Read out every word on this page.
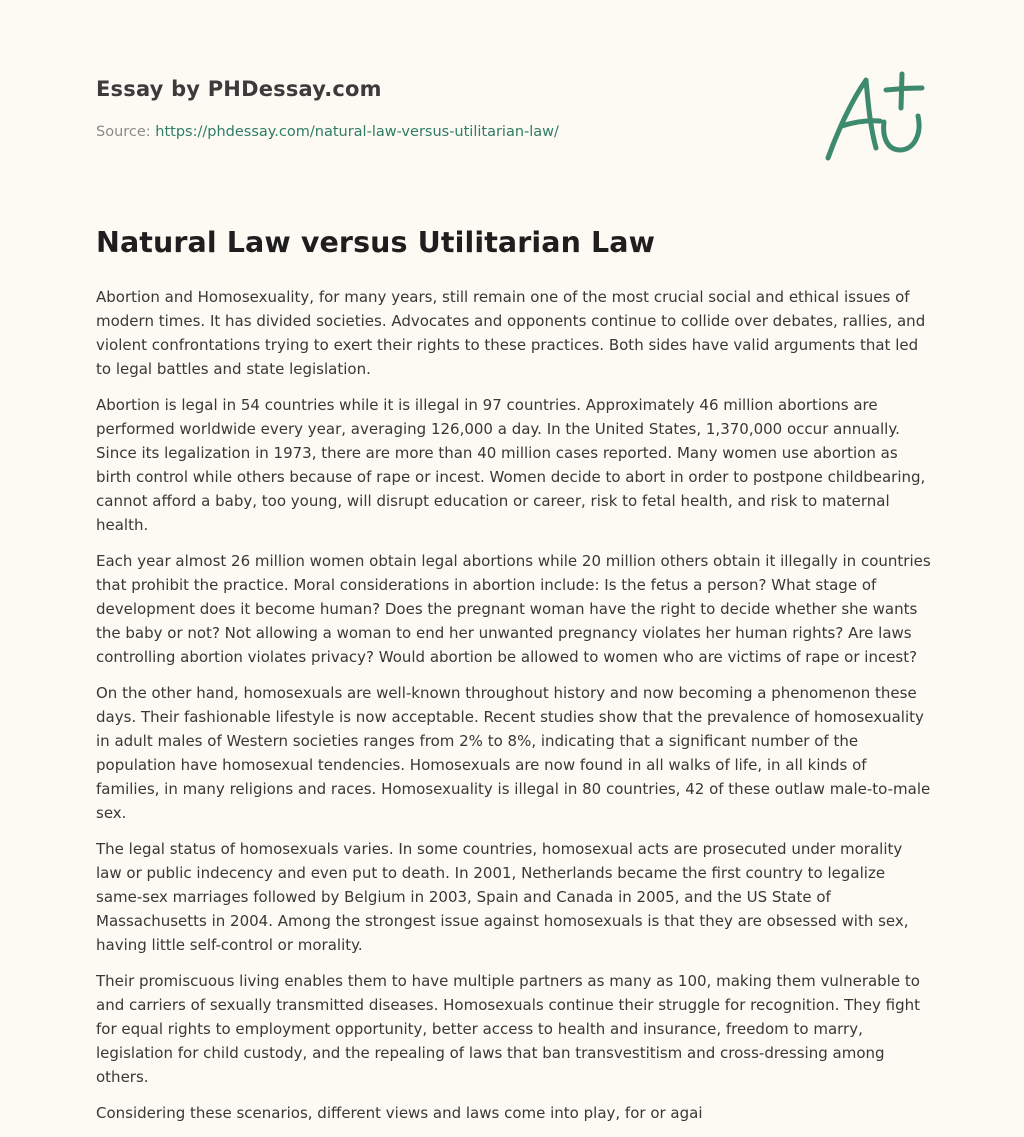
Essay by PHDessay.com
Source: https://phdessay.com/natural-law-versus-utilitarian-law/
Natural Law versus Utilitarian Law

Abortion and Homosexuality, for many years, still remain one of the most crucial social and ethical issues of modern times. It has divided societies. Advocates and opponents continue to collide over debates, rallies, and violent confrontations trying to exert their rights to these practices. Both sides have valid arguments that led to legal battles and state legislation.

Abortion is legal in 54 countries while it is illegal in 97 countries. Approximately 46 million abortions are performed worldwide every year, averaging 126,000 a day. In the United States, 1,370,000 occur annually. Since its legalization in 1973, there are more than 40 million cases reported. Many women use abortion as birth control while others because of rape or incest. Women decide to abort in order to postpone childbearing, cannot afford a baby, too young, will disrupt education or career, risk to fetal health, and risk to maternal health.

Each year almost 26 million women obtain legal abortions while 20 million others obtain it illegally in countries that prohibit the practice. Moral considerations in abortion include: Is the fetus a person? What stage of development does it become human? Does the pregnant woman have the right to decide whether she wants the baby or not? Not allowing a woman to end her unwanted pregnancy violates her human rights? Are laws controlling abortion violates privacy? Would abortion be allowed to women who are victims of rape or incest?

On the other hand, homosexuals are well-known throughout history and now becoming a phenomenon these days. Their fashionable lifestyle is now acceptable. Recent studies show that the prevalence of homosexuality in adult males of Western societies ranges from 2% to 8%, indicating that a significant number of the population have homosexual tendencies. Homosexuals are now found in all walks of life, in all kinds of families, in many religions and races. Homosexuality is illegal in 80 countries, 42 of these outlaw male-to-male sex.

The legal status of homosexuals varies. In some countries, homosexual acts are prosecuted under morality law or public indecency and even put to death. In 2001, Netherlands became the first country to legalize same-sex marriages followed by Belgium in 2003, Spain and Canada in 2005, and the US State of Massachusetts in 2004. Among the strongest issue against homosexuals is that they are obsessed with sex, having little self-control or morality.

Their promiscuous living enables them to have multiple partners as many as 100, making them vulnerable to and carriers of sexually transmitted diseases. Homosexuals continue their struggle for recognition. They fight for equal rights to employment opportunity, better access to health and insurance, freedom to marry, legislation for child custody, and the repealing of laws that ban transvestitism and cross-dressing among others.

Considering these scenarios, different views and laws come into play, for or agai
